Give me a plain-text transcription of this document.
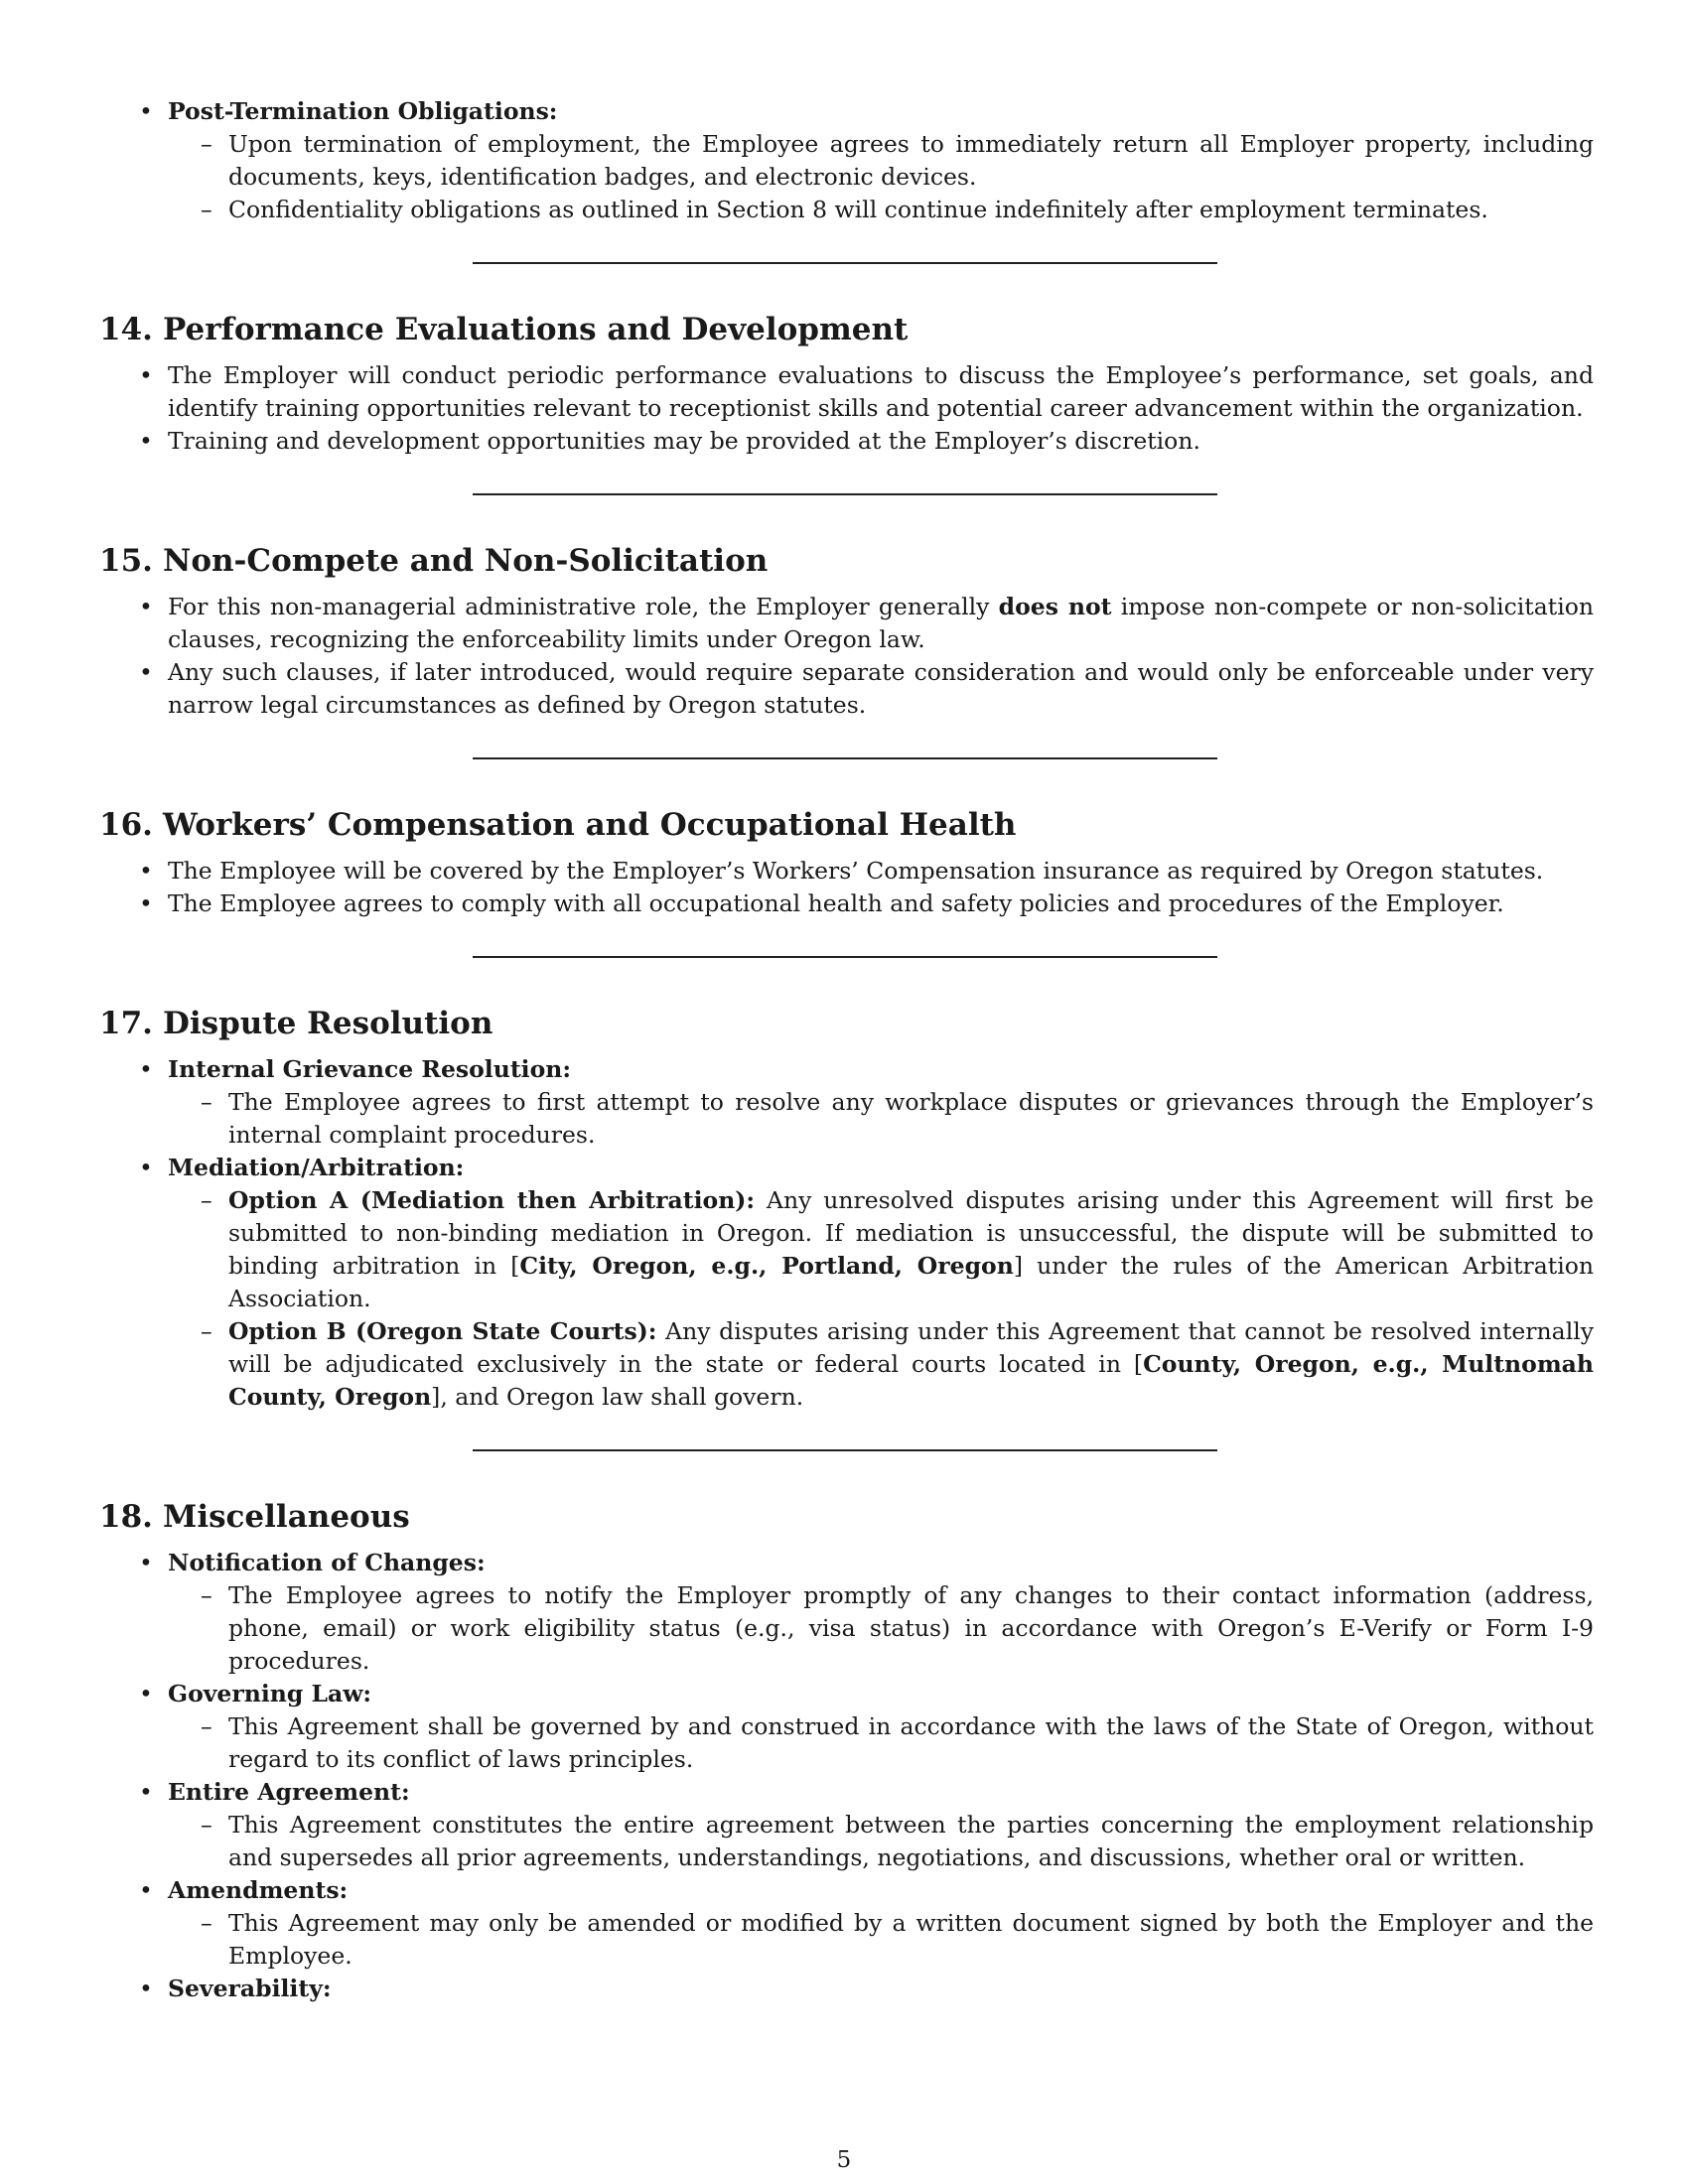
• Post-Termination Obligations:

– Upon termination of employment, the Employee agrees to immediately return all Employer property, including documents, keys, identification badges, and electronic devices.

– Confidentiality obligations as outlined in Section 8 will continue indefinitely after employment terminates.

14. Performance Evaluations and Development

• The Employer will conduct periodic performance evaluations to discuss the Employee’s performance, set goals, and identify training opportunities relevant to receptionist skills and potential career advancement within the organization.

• Training and development opportunities may be provided at the Employer’s discretion.

15. Non-Compete and Non-Solicitation

• For this non-managerial administrative role, the Employer generally does not impose non-compete or non-solicitation clauses, recognizing the enforceability limits under Oregon law.

• Any such clauses, if later introduced, would require separate consideration and would only be enforceable under very narrow legal circumstances as defined by Oregon statutes.

16. Workers’ Compensation and Occupational Health

• The Employee will be covered by the Employer’s Workers’ Compensation insurance as required by Oregon statutes.

• The Employee agrees to comply with all occupational health and safety policies and procedures of the Employer.

17. Dispute Resolution
• Internal Grievance Resolution:

– The Employee agrees to first attempt to resolve any workplace disputes or grievances through the Employer’s internal complaint procedures.

• Mediation/Arbitration:

– Option A (Mediation then Arbitration): Any unresolved disputes arising under this Agreement will first be submitted to non-binding mediation in Oregon. If mediation is unsuccessful, the dispute will be submitted to binding arbitration in [City, Oregon, e.g., Portland, Oregon] under the rules of the American Arbitration Association.

– Option B (Oregon State Courts): Any disputes arising under this Agreement that cannot be resolved internally will be adjudicated exclusively in the state or federal courts located in [County, Oregon, e.g., Multnomah County, Oregon], and Oregon law shall govern.

18. Miscellaneous
• Notification of Changes:

– The Employee agrees to notify the Employer promptly of any changes to their contact information (address, phone, email) or work eligibility status (e.g., visa status) in accordance with Oregon’s E-Verify or Form I-9 procedures.

• Governing Law:

– This Agreement shall be governed by and construed in accordance with the laws of the State of Oregon, without regard to its conflict of laws principles.

• Entire Agreement:

– This Agreement constitutes the entire agreement between the parties concerning the employment relationship and supersedes all prior agreements, understandings, negotiations, and discussions, whether oral or written.

• Amendments:

– This Agreement may only be amended or modified by a written document signed by both the Employer and the Employee.

• Severability:
5
